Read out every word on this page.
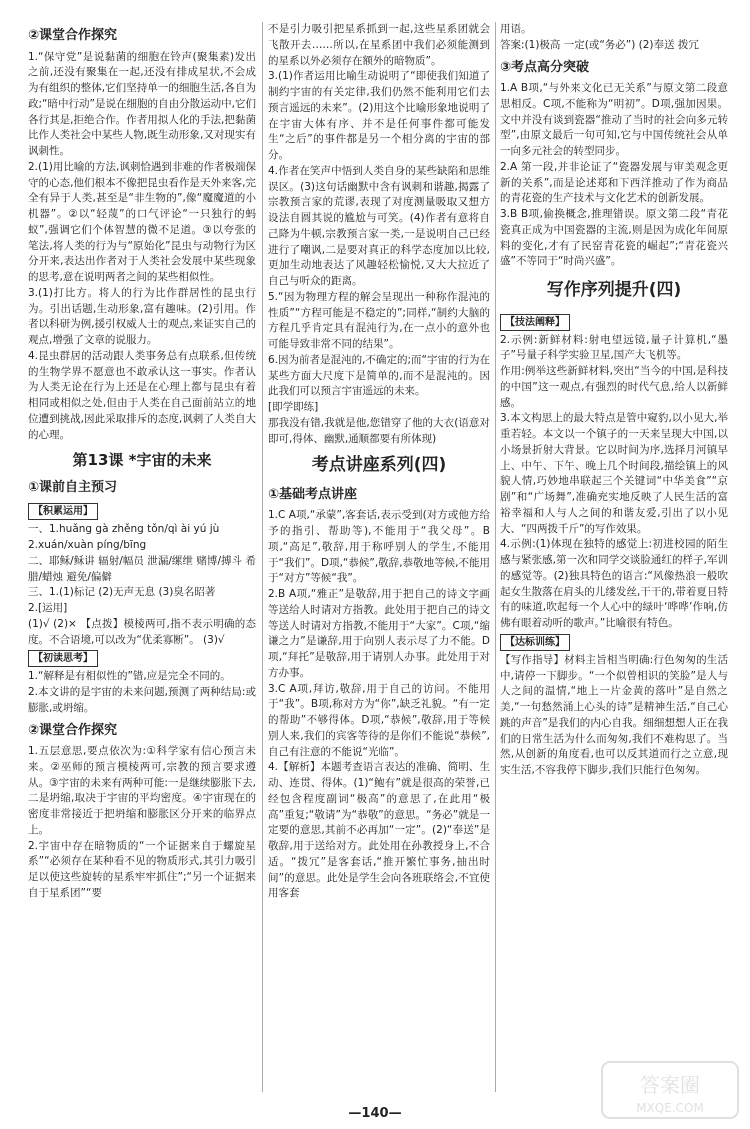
②课堂合作探究

1.“保守党”是说黏菌的细胞在铃声(聚集素)发出之前,还没有聚集在一起,还没有排成星状,不会成为有组织的整体,它们坚持单一的细胞生活,各自为政;“暗中行动”是说在细胞的自由分散运动中,它们各行其是,拒绝合作。作者用拟人化的手法,把黏菌比作人类社会中某些人物,既生动形象,又对现实有讽刺性。

2.(1)用比喻的方法,讽刺恰遇到非难的作者极端保守的心态,他们根本不像把昆虫看作是天外来客,完全有异于人类,甚至是“非生物的”,像“魔魔道的小机器”。②以“轻蔑”的口气评论“一只独行的蚂蚁”,强调它们个体智慧的微不足道。③以夸张的笔法,将人类的行为与“原始化”昆虫与动物行为区分开来,表达出作者对于人类社会发展中某些现象的思考,意在说明两者之间的某些相似性。

3.(1)打比方。将人的行为比作群居性的昆虫行为。引出话题,生动形象,富有趣味。(2)引用。作者以科研为例,援引权威人士的观点,来证实自己的观点,增强了文章的说服力。

4.昆虫群居的活动跟人类事务总有点联系,但传统的生物学界不愿意也不敢承认这一事实。作者认为人类无论在行为上还是在心理上都与昆虫有着相同或相似之处,但由于人类在自己面前站立的地位遭到挑战,因此采取排斥的态度,讽刺了人类自大的心理。

第13课 *宇宙的未来
①课前自主预习
【积累运用】

一、1.huǎng gà zhěng tǒn/qì ài yú jù

2.xuán/xuàn píng/bīng

二、耶稣/稣讲 辐射/幅员 泄漏/缧绁 赌博/搏斗 希腊/蜡烛 避免/偏僻

三、1.(1)标记 (2)无声无息 (3)臭名昭著

2.[运用]

(1)√ (2)× 【点拨】模棱两可,指不表示明确的态度。不合语境,可以改为“优柔寡断”。 (3)√

【初读思考】

1.“解释是有相似性的”错,应是完全不同的。

2.本文讲的是宇宙的未来问题,预测了两种结局:或膨胀,或坍缩。

②课堂合作探究

1.五层意思,要点依次为:①科学家有信心预言未来。②巫师的预言模棱两可,宗教的预言要求遵从。③宇宙的未来有两种可能:一是继续膨胀下去,二是坍缩,取决于宇宙的平均密度。④宇宙现在的密度非常接近于把坍缩和膨胀区分开来的临界点上。

2.宇宙中存在暗物质的“一个证据来自于螺旋星系”“必须存在某种看不见的物质形式,其引力吸引足以使这些旋转的星系牢牢抓住”;“另一个证据来自于星系团”“要

不是引力吸引把星系抓到一起,这些星系团就会飞散开去……所以,在星系团中我们必须能测到的星系以外必须存在额外的暗物质”。

3.(1)作者运用比喻生动说明了“即使我们知道了制约宇宙的有关定律,我们仍然不能利用它们去预言遥远的未来”。(2)用这个比喻形象地说明了在宇宙大体有序、并不是任何事件都可能发生“之后”的事件都是另一个相分离的宇宙的部分。

4.作者在笑声中悟到人类自身的某些缺陷和思维误区。(3)这句话幽默中含有讽刺和谐趣,揭露了宗教预言家的荒谬,表现了对度测量吸取又想方设法自圆其说的尴尬与可笑。(4)作者有意将自己降为牛顿,宗教预言家一类,一是说明自己已经进行了嘲讽,二是要对真正的科学态度加以比较,更加生动地表达了风趣轻松愉悦,又大大拉近了自己与听众的距离。

5.“因为物理方程的解会呈现出一种称作混沌的性质”“方程可能是不稳定的”;同样,“制约大脑的方程几乎肯定具有混沌行为,在一点小的意外也可能导致非常不同的结果”。

6.因为前者是混沌的,不确定的;而“宇宙的行为在某些方面大尺度下是简单的,而不是混沌的。因此我们可以预言宇宙遥远的未来。

[即学即练]

那我没有错,我就是他,您错穿了他的大衣(语意对即可,得体、幽默,通顺都要有所体现)

考点讲座系列(四)
①基础考点讲座

1.C A项,“承蒙”,客套话,表示受到(对方或他方给予的指引、帮助等),不能用于“我父母”。B项,“高足”,敬辞,用于称呼别人的学生,不能用于“我们”。D项,“恭候”,敬辞,恭敬地等候,不能用于“对方”等候“我”。

2.B A项,“雅正”是敬辞,用于把自己的诗文字画等送给人时请对方指教。此处用于把自己的诗文等送人时请对方指教,不能用于“大家”。C项,“缩谦之力”是谦辞,用于向别人表示尽了力不能。D项,“拜托”是敬辞,用于请别人办事。此处用于对方办事。

3.C A项,拜访,敬辞,用于自己的访问。不能用于“我”。B项,称对方为“你”,缺乏礼貌。“有一定的帮助”不够得体。D项,“恭候”,敬辞,用于等候别人来,我们的宾客等待的是你们不能说“恭候”,自己有注意的不能说“光临”。

4.【解析】本题考查语言表达的准确、简明、生动、连贯、得体。(1)“鲍有”就是很高的荣誉,已经包含程度副词“极高”的意思了,在此用“极高”重复;“敬请”为“恭敬”的意思。“务必”就是一定要的意思,其前不必再加“一定”。(2)“奉送”是敬辞,用于送给对方。此处用在孙教授身上,不合适。“拨冗”是客套话,“推开繁忙事务,抽出时间”的意思。此处是学生会向各班联络会,不宜使用客套

用语。

答案:(1)极高 一定(或“务必”) (2)奉送 拨冗

③考点高分突破

1.A B项,“与外来文化已无关系”与原文第二段意思相反。C项,不能称为“明初”。D项,强加因果。文中并没有谈到瓷器“推动了当时的社会向多元转型”,由原文最后一句可知,它与中国传统社会从单一向多元社会的转型同步。

2.A 第一段,并非论证了“瓷器发展与审美观念更新的关系”,而是论述郑和下西洋推动了作为商品的青花瓷的生产技术与文化艺术的创新发展。

3.B B项,偷换概念,推理错误。原文第二段“青花瓷真正成为中国瓷器的主流,则是因为成化年间原料的变化,才有了民窑青花瓷的崛起”;“青花瓷兴盛”不等同于“时尚兴盛”。

写作序列提升(四)
【技法阐释】

2.示例:新鲜材料:射电望远镜,量子计算机,“墨子”号量子科学实验卫星,国产大飞机等。

作用:例举这些新鲜材料,突出“当今的中国,是科技的中国”这一观点,有强烈的时代气息,给人以新鲜感。

3.本文构思上的最大特点是管中窥豹,以小见大,举重若轻。本文以一个镇子的一天来呈现大中国,以小场景折射大背景。它以时间为序,选择月河镇早上、中午、下午、晚上几个时间段,描绘镇上的风貌人情,巧妙地串联起三个关键词“中华美食”“京剧”和“广场舞”,准确充实地反映了人民生活的富裕幸福和人与人之间的和谐友爱,引出了以小见大、“四两拨千斤”的写作效果。

4.示例:(1)体现在独特的感觉上:初进校园的陌生感与紧张感,第一次和同学交谈脸通红的样子,军训的感觉等。(2)独具特色的语言:“风像热浪一般吹起女生散落在肩头的儿缕发丝,干干的,带着夏日特有的味道,吹起每一个人心中的绿叶‘哗哗’作响,仿佛有眼着动听的歌声。”比喻很有特色。

【达标训练】

【写作指导】材料主旨相当明确:行色匆匆的生活中,请停一下脚步。“一个似曾相识的笑脸”是人与人之间的温情,“地上一片金黄的落叶”是自然之美,“一句愁然涌上心头的诗”是精神生活,“自己心跳的声音”是我们的内心自我。细细想想人正在我们的日常生活为什么而匆匆,我们不难构思了。当然,从创新的角度看,也可以反其道而行之立意,现实生活,不容我停下脚步,我们只能行色匆匆。

—140—
答案圈
MXQE.COM
